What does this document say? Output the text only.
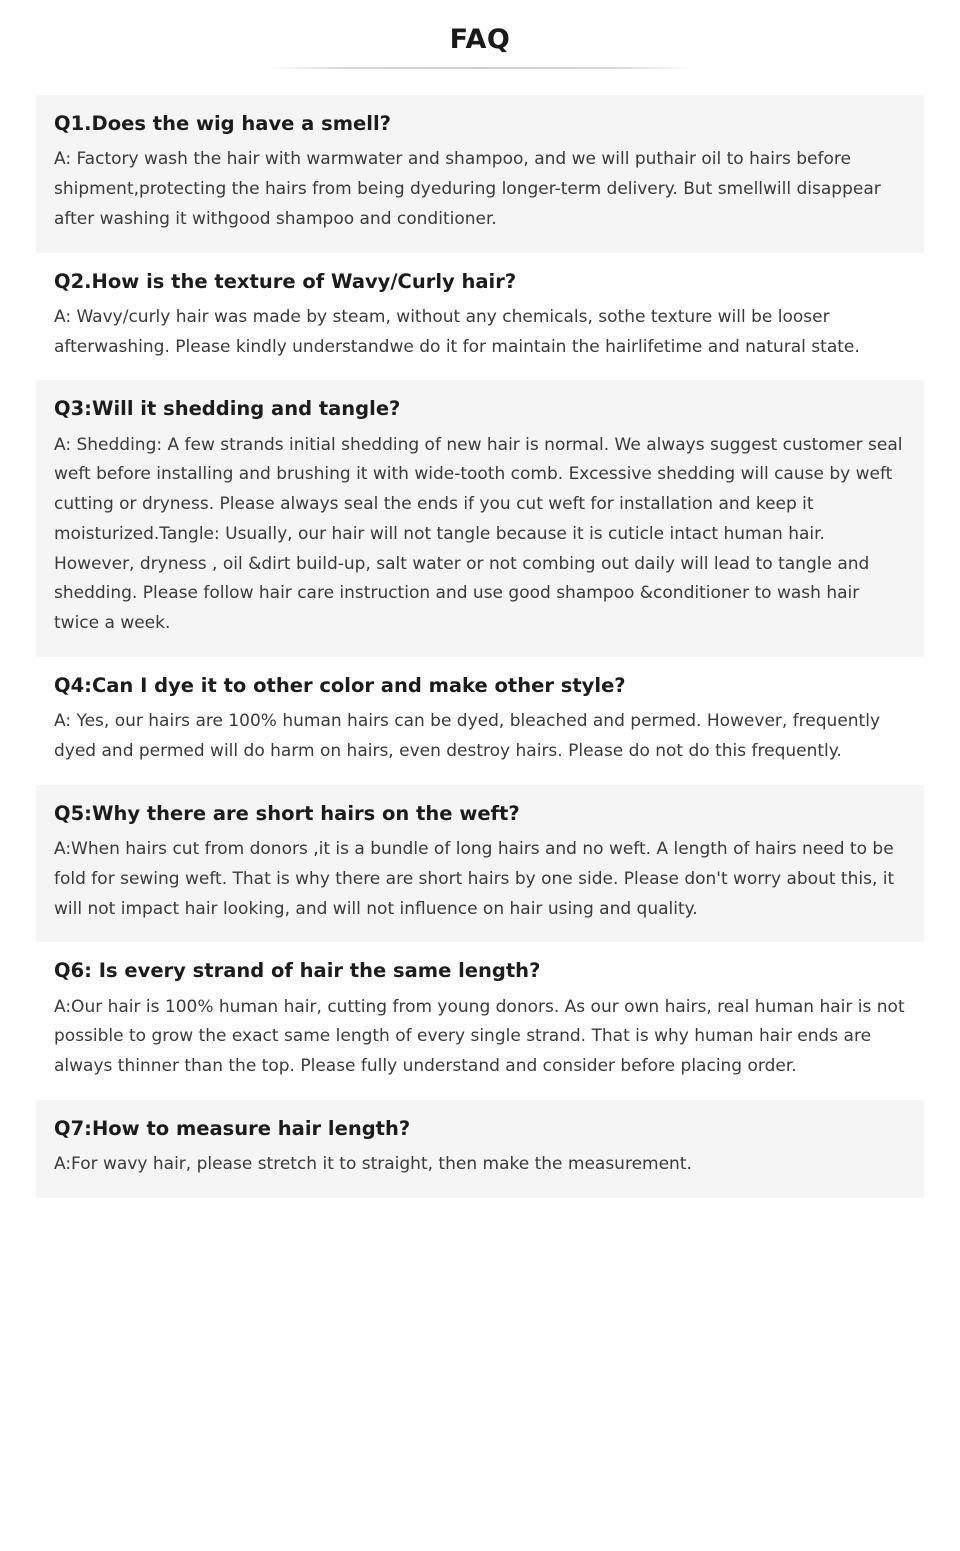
FAQ

Q1.Does the wig have a smell?

A: Factory wash the hair with warmwater and shampoo, and we will puthair oil to hairs before shipment,protecting the hairs from being dyeduring longer-term delivery. But smellwill disappear after washing it withgood shampoo and conditioner.

Q2.How is the texture of Wavy/Curly hair?

A: Wavy/curly hair was made by steam, without any chemicals, sothe texture will be looser afterwashing. Please kindly understandwe do it for maintain the hairlifetime and natural state.

Q3:Will it shedding and tangle?

A: Shedding: A few strands initial shedding of new hair is normal. We always suggest customer seal weft before installing and brushing it with wide-tooth comb. Excessive shedding will cause by weft cutting or dryness. Please always seal the ends if you cut weft for installation and keep it moisturized.Tangle: Usually, our hair will not tangle because it is cuticle intact human hair. However, dryness , oil &dirt build-up, salt water or not combing out daily will lead to tangle and shedding. Please follow hair care instruction and use good shampoo &conditioner to wash hair twice a week.

Q4:Can I dye it to other color and make other style?

A: Yes, our hairs are 100% human hairs can be dyed, bleached and permed. However, frequently dyed and permed will do harm on hairs, even destroy hairs. Please do not do this frequently.

Q5:Why there are short hairs on the weft?

A:When hairs cut from donors ,it is a bundle of long hairs and no weft. A length of hairs need to be fold for sewing weft. That is why there are short hairs by one side. Please don't worry about this, it will not impact hair looking, and will not influence on hair using and quality.

Q6: Is every strand of hair the same length?

A:Our hair is 100% human hair, cutting from young donors. As our own hairs, real human hair is not possible to grow the exact same length of every single strand. That is why human hair ends are always thinner than the top. Please fully understand and consider before placing order.

Q7:How to measure hair length?

A:For wavy hair, please stretch it to straight, then make the measurement.
